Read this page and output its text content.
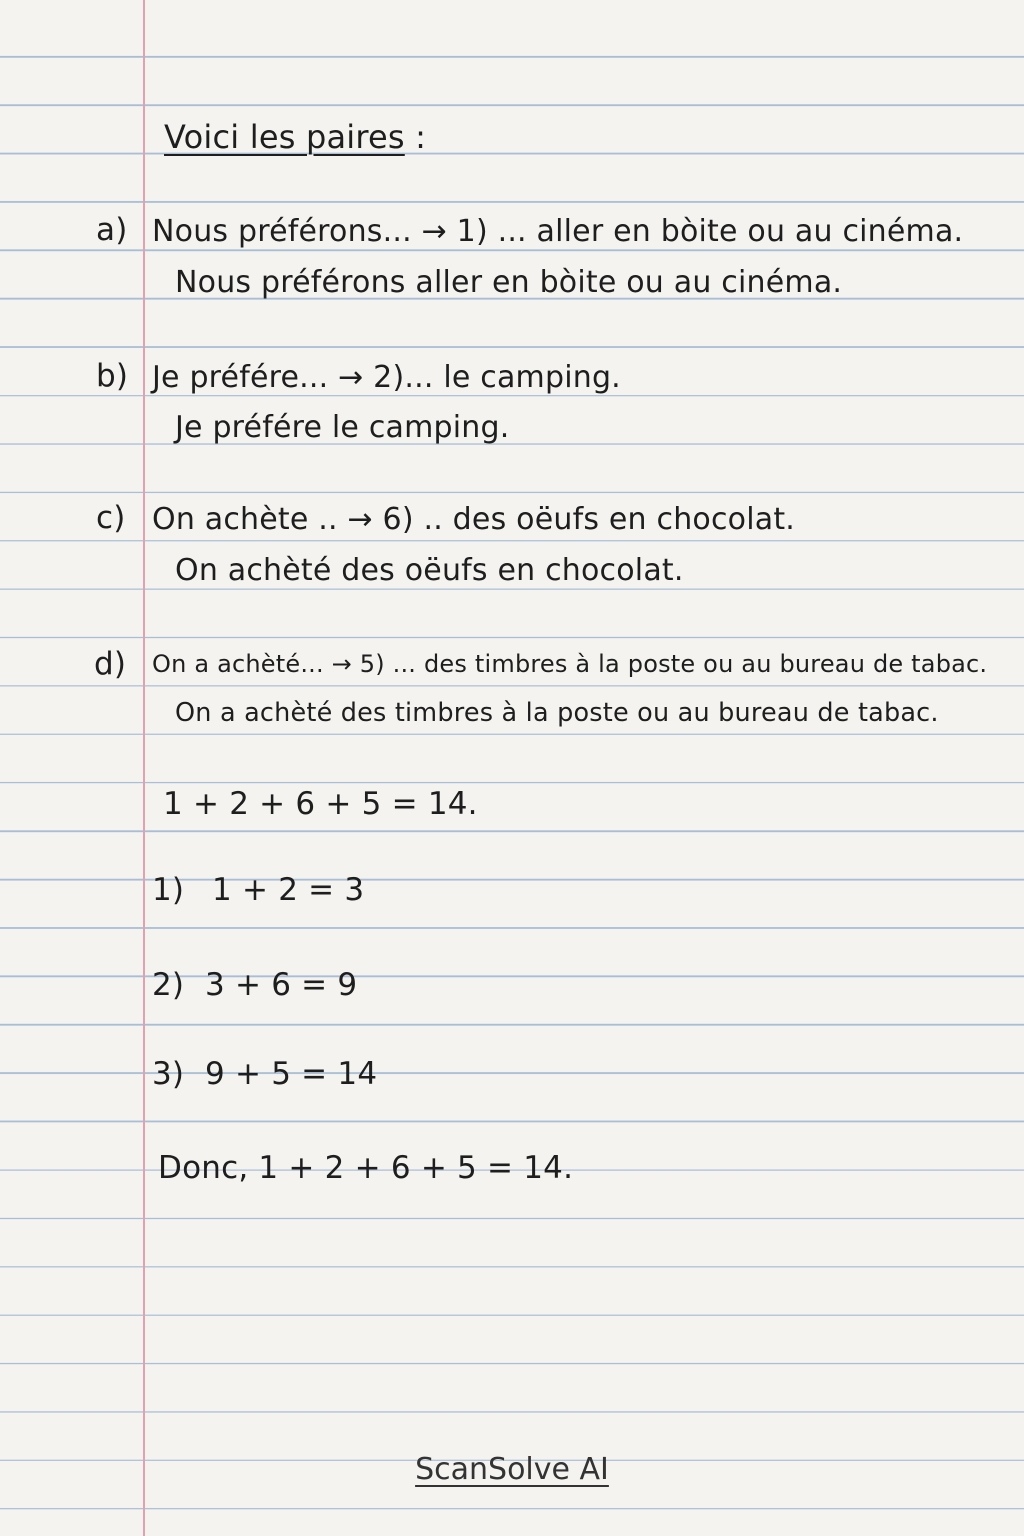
Voici les paires :
a) Nous préférons... → 1) ... aller en bòite ou au cinéma.
Nous préférons aller en bòite ou au cinéma.
b) Je préfére... → 2)... le camping.
Je préfére le camping.
c) On achète .. → 6) .. des oëufs en chocolat.
On achèté des oëufs en chocolat.
d) On a achèté... → 5) ... des timbres à la poste ou au bureau de tabac.
On a achèté des timbres à la poste ou au bureau de tabac.
1 + 2 + 6 + 5 = 14.
1) 1 + 2 = 3
2) 3 + 6 = 9
3) 9 + 5 = 14
Donc, 1 + 2 + 6 + 5 = 14.
ScanSolve AI
